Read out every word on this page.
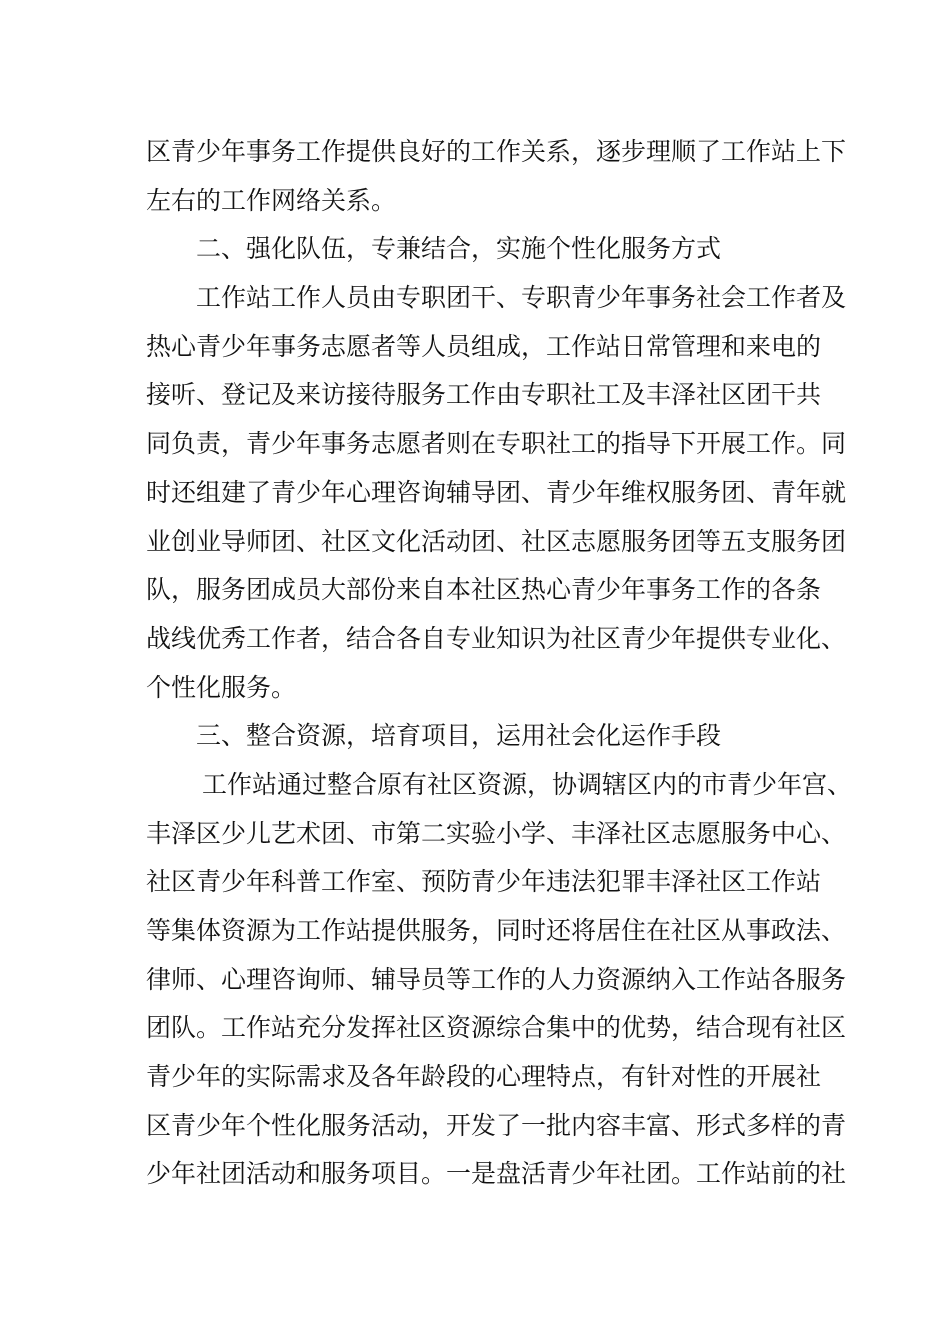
区青少年事务工作提供良好的工作关系，逐步理顺了工作站上下
左右的工作网络关系。
二、强化队伍，专兼结合，实施个性化服务方式
工作站工作人员由专职团干、专职青少年事务社会工作者及
热心青少年事务志愿者等人员组成，工作站日常管理和来电的
接听、登记及来访接待服务工作由专职社工及丰泽社区团干共
同负责，青少年事务志愿者则在专职社工的指导下开展工作。同
时还组建了青少年心理咨询辅导团、青少年维权服务团、青年就
业创业导师团、社区文化活动团、社区志愿服务团等五支服务团
队，服务团成员大部份来自本社区热心青少年事务工作的各条
战线优秀工作者，结合各自专业知识为社区青少年提供专业化、
个性化服务。
三、整合资源，培育项目，运用社会化运作手段
工作站通过整合原有社区资源，协调辖区内的市青少年宫、
丰泽区少儿艺术团、市第二实验小学、丰泽社区志愿服务中心、
社区青少年科普工作室、预防青少年违法犯罪丰泽社区工作站
等集体资源为工作站提供服务，同时还将居住在社区从事政法、
律师、心理咨询师、辅导员等工作的人力资源纳入工作站各服务
团队。工作站充分发挥社区资源综合集中的优势，结合现有社区
青少年的实际需求及各年龄段的心理特点，有针对性的开展社
区青少年个性化服务活动，开发了一批内容丰富、形式多样的青
少年社团活动和服务项目。一是盘活青少年社团。工作站前的社
